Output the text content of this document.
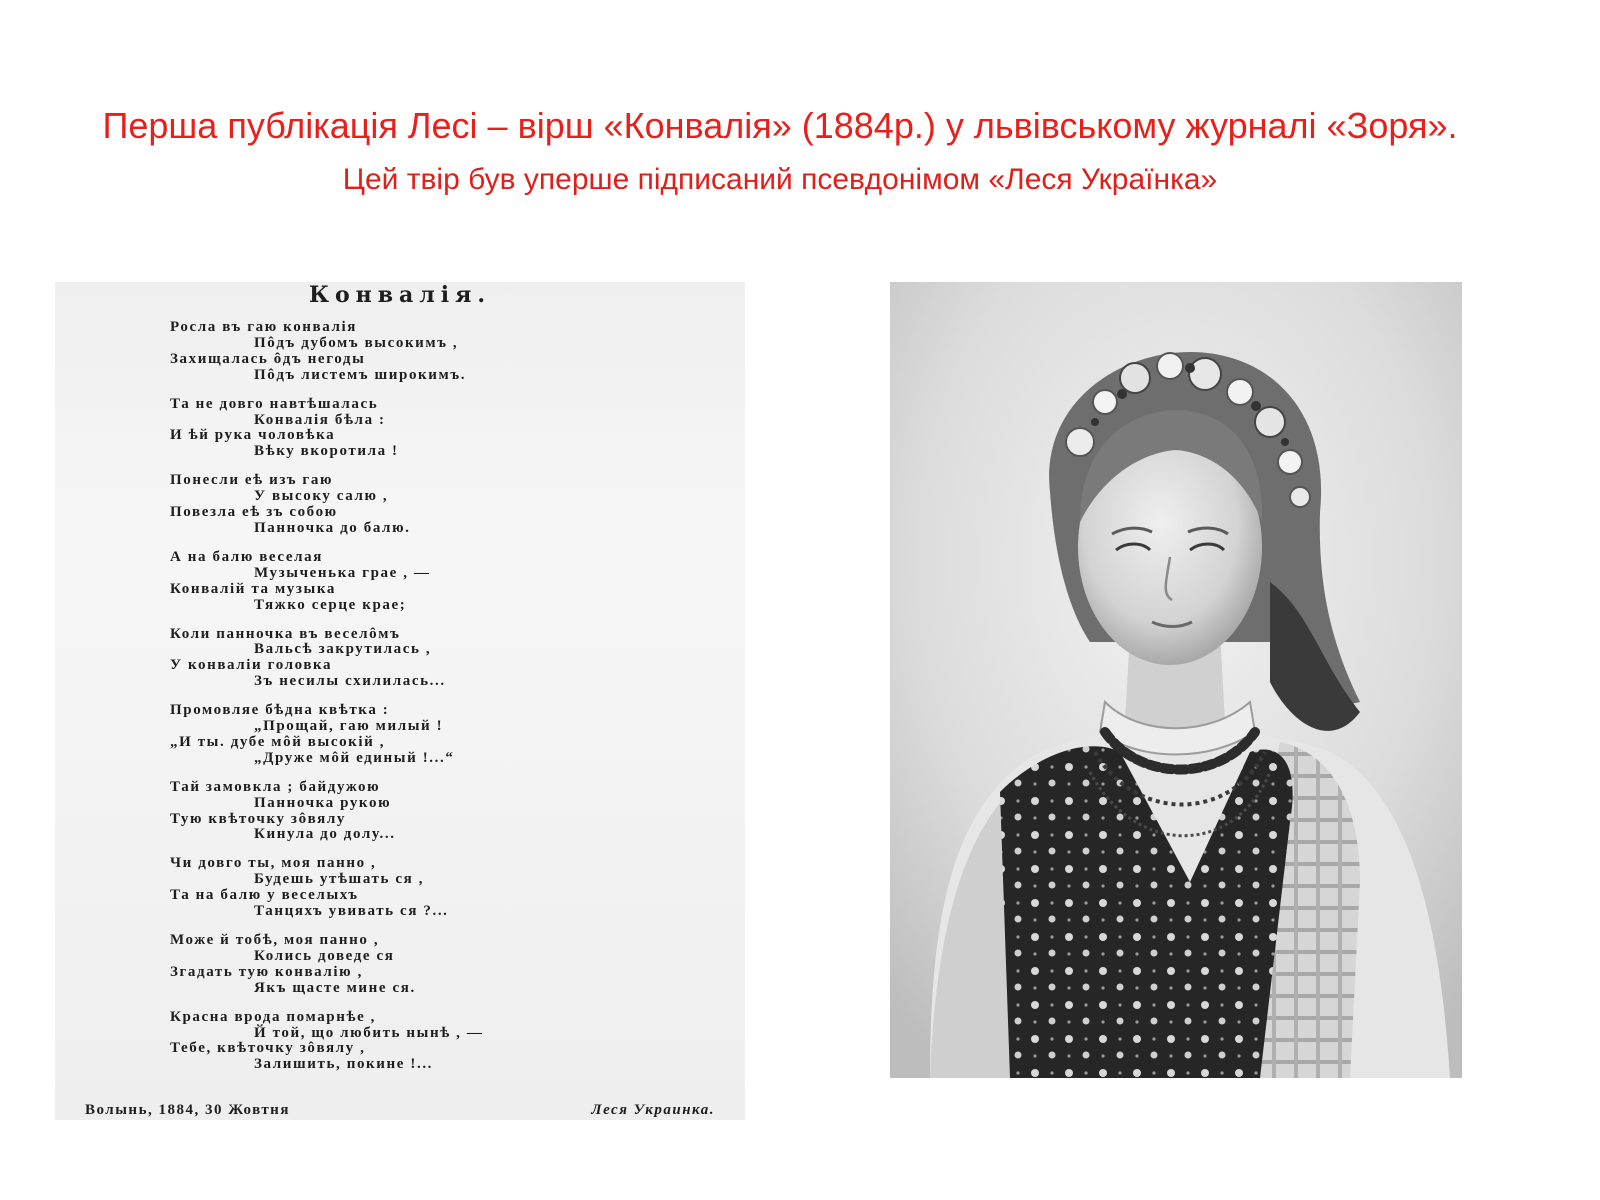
Перша публікація Лесі – вірш «Конвалія» (1884р.) у львівському журналі «Зоря».
Цей твір був уперше підписаний псевдонімом «Леся Українка»
Конвалія.
Росла въ гаю конвалія
Пôдъ дубомъ высокимъ ,
Захищалась ôдъ негоды
Пôдъ листемъ широкимъ.
Та не довго навтѣшалась
Конвалія бѣла :
И ѣй рука чоловѣка
Вѣку вкоротила !
Понесли еѣ изъ гаю
У высоку салю ,
Повезла еѣ зъ собою
Панночка до балю.
А на балю веселая
Музыченька грае , —
Конвалій та музыка
Тяжко серце крае;
Коли панночка въ веселôмъ
Вальсѣ закрутилась ,
У конваліи головка
Зъ несилы схилилась...
Промовляе бѣдна квѣтка :
„Прощай, гаю милый !
„И ты. дубе мôй высокій ,
„Друже мôй единый !...“
Тай замовкла ; байдужою
Панночка рукою
Тую квѣточку зôвялу
Кинула до долу...
Чи довго ты, моя панно ,
Будешь утѣшать ся ,
Та на балю у веселыхъ
Танцяхъ увивать ся ?...
Може й тобѣ, моя панно ,
Колись доведе ся
Згадать тую конвалію ,
Якъ щасте мине ся.
Красна врода помарнѣе ,
Й той, що любить нынѣ , —
Тебе, квѣточку зôвялу ,
Залишить, покине !...
Волынь, 1884, 30 Жовтня	Леся Украинка.
